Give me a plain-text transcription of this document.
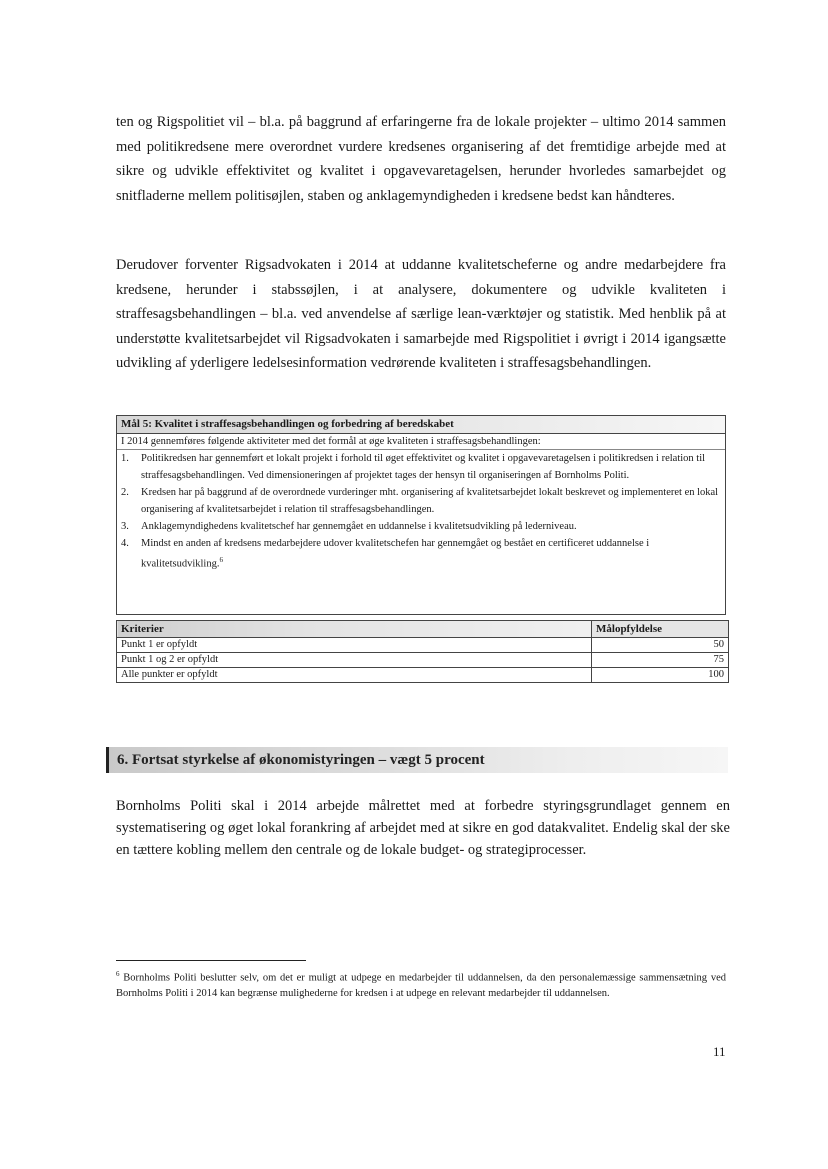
ten og Rigspolitiet vil – bl.a. på baggrund af erfaringerne fra de lokale projekter – ultimo 2014 sammen med politikredsene mere overordnet vurdere kredsenes organisering af det fremtidige arbejde med at sikre og udvikle effektivitet og kvalitet i opgavevaretagelsen, herunder hvorledes samarbejdet og snitfladerne mellem politisøjlen, staben og anklagemyndigheden i kredsene bedst kan håndteres.

Derudover forventer Rigsadvokaten i 2014 at uddanne kvalitetscheferne og andre medarbejdere fra kredsene, herunder i stabssøjlen, i at analysere, dokumentere og udvikle kvaliteten i straffesagsbehandlingen – bl.a. ved anvendelse af særlige lean-værktøjer og statistik. Med henblik på at understøtte kvalitetsarbejdet vil Rigsadvokaten i samarbejde med Rigspolitiet i øvrigt i 2014 igangsætte udvikling af yderligere ledelsesinformation vedrørende kvaliteten i straffesagsbehandlingen.

Mål 5: Kvalitet i straffesagsbehandlingen og forbedring af beredskabet
I 2014 gennemføres følgende aktiviteter med det formål at øge kvaliteten i straffesagsbehandlingen:
1. Politikredsen har gennemført et lokalt projekt i forhold til øget effektivitet og kvalitet i opgavevaretagelsen i politikredsen i relation til straffesagsbehandlingen. Ved dimensioneringen af projektet tages der hensyn til organiseringen af Bornholms Politi.
2. Kredsen har på baggrund af de overordnede vurderinger mht. organisering af kvalitetsarbejdet lokalt beskrevet og implementeret en lokal organisering af kvalitetsarbejdet i relation til straffesagsbehandlingen.
3. Anklagemyndighedens kvalitetschef har gennemgået en uddannelse i kvalitetsudvikling på lederniveau.
4. Mindst en anden af kredsens medarbejdere udover kvalitetschefen har gennemgået og bestået en certificeret uddannelse i kvalitetsudvikling.$^6$
Kriterier	Målopfyldelse
Punkt 1 er opfyldt	50
Punkt 1 og 2 er opfyldt	75
Alle punkter er opfyldt	100
6. Fortsat styrkelse af økonomistyringen – vægt 5 procent

Bornholms Politi skal i 2014 arbejde målrettet med at forbedre styringsgrundlaget gennem en systematisering og øget lokal forankring af arbejdet med at sikre en god datakvalitet. Endelig skal der ske en tættere kobling mellem den centrale og de lokale budget- og strategiprocesser.

$^6$ Bornholms Politi beslutter selv, om det er muligt at udpege en medarbejder til uddannelsen, da den personalemæssige sammensætning ved Bornholms Politi i 2014 kan begrænse mulighederne for kredsen i at udpege en relevant medarbejder til uddannelsen.
11
